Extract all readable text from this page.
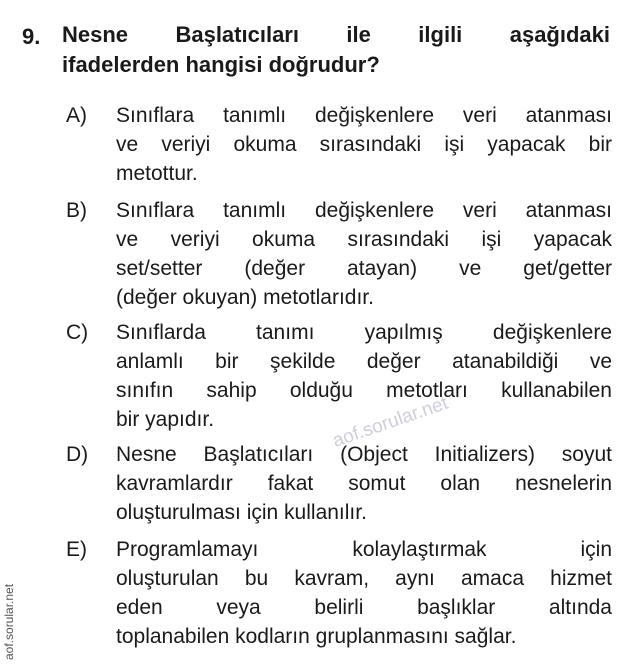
9. Nesne Başlatıcıları ile ilgili aşağıdaki
ifadelerden hangisi doğrudur?
A) Sınıflara tanımlı değişkenlere veri atanması
ve veriyi okuma sırasındaki işi yapacak bir
metottur.
B) Sınıflara tanımlı değişkenlere veri atanması
ve veriyi okuma sırasındaki işi yapacak
set/setter (değer atayan) ve get/getter
(değer okuyan) metotlarıdır.
C) Sınıflarda tanımı yapılmış değişkenlere
anlamlı bir şekilde değer atanabildiği ve
sınıfın sahip olduğu metotları kullanabilen
bir yapıdır.
D) Nesne Başlatıcıları (Object Initializers) soyut
kavramlardır fakat somut olan nesnelerin
oluşturulması için kullanılır.
E) Programlamayı kolaylaştırmak için
oluşturulan bu kavram, aynı amaca hizmet
eden veya belirli başlıklar altında
toplanabilen kodların gruplanmasını sağlar.
aof.sorular.net
aof.sorular.net
